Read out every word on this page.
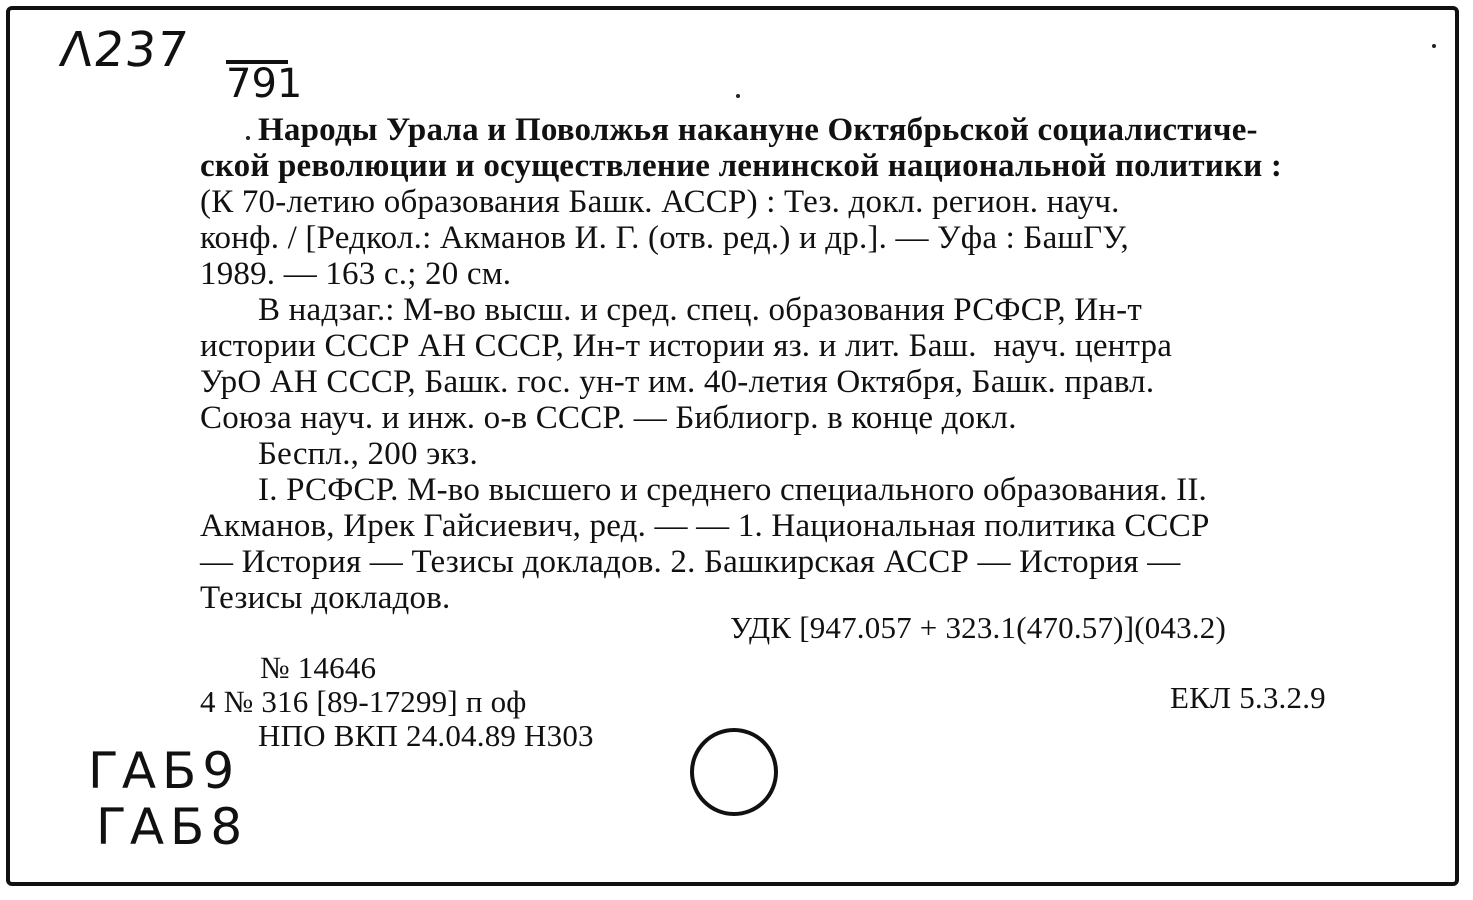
Λ237
791
Народы Урала и Поволжья накануне Октябрьской социалистиче-
ской революции и осуществление ленинской национальной политики :
(К 70-летию образования Башк. АССР) : Тез. докл. регион. науч.
конф. / [Редкол.: Акманов И. Г. (отв. ред.) и др.]. — Уфа : БашГУ,
1989. — 163 с.; 20 см.
В надзаг.: М-во высш. и сред. спец. образования РСФСР, Ин-т
истории СССР АН СССР, Ин-т истории яз. и лит. Баш.  науч. центра
УрО АН СССР, Башк. гос. ун-т им. 40-летия Октября, Башк. правл.
Союза науч. и инж. о-в СССР. — Библиогр. в конце докл.
Беспл., 200 экз.
I. РСФСР. М-во высшего и среднего специального образования. II.
Акманов, Ирек Гайсиевич, ред. — — 1. Национальная политика СССР
— История — Тезисы докладов. 2. Башкирская АССР — История —
Тезисы докладов.
УДК [947.057 + 323.1(470.57)](043.2)
№ 14646
4 № 316 [89-17299] п оф	ЕКЛ 5.3.2.9
НПО ВКП 24.04.89 Н303
ΓΑБ9
ΓΑБ8
